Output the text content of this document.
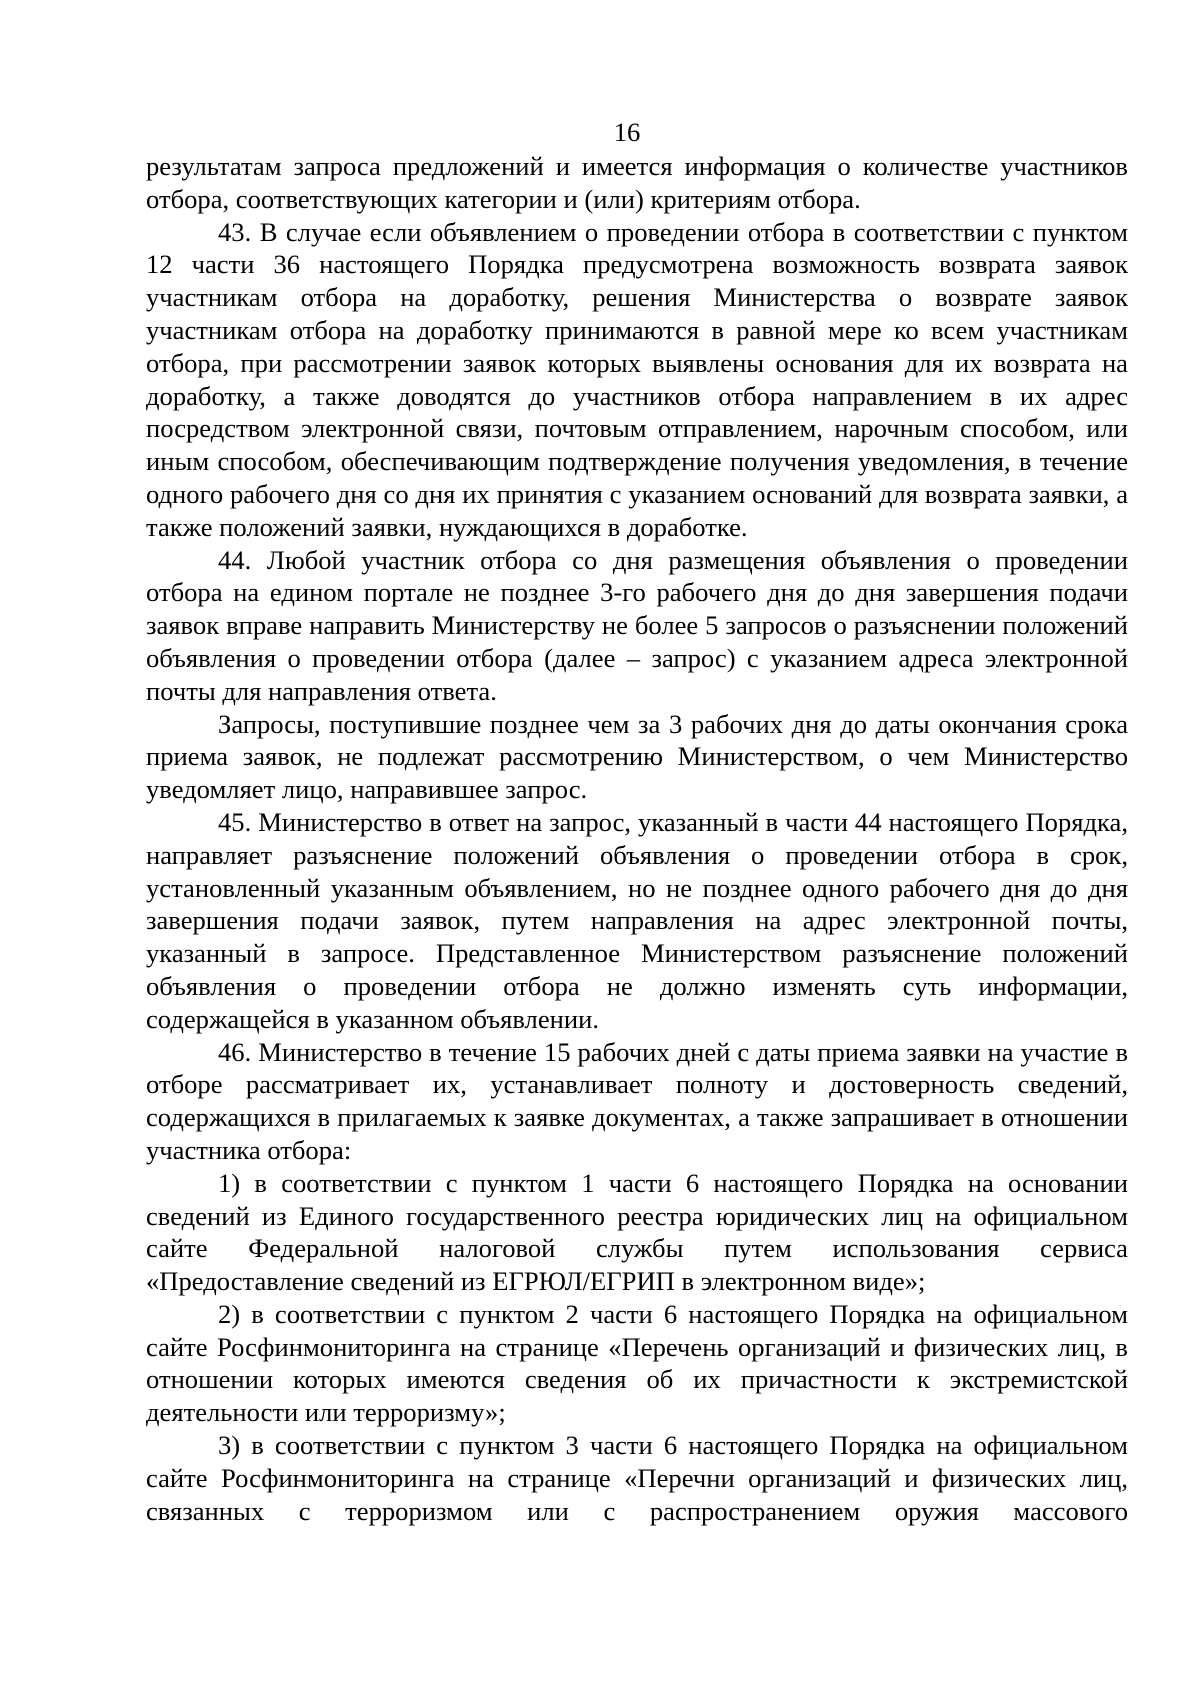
16

результатам запроса предложений и имеется информация о количестве участников отбора, соответствующих категории и (или) критериям отбора.

43. В случае если объявлением о проведении отбора в соответствии с пунктом 12 части 36 настоящего Порядка предусмотрена возможность возврата заявок участникам отбора на доработку, решения Министерства о возврате заявок участникам отбора на доработку принимаются в равной мере ко всем участникам отбора, при рассмотрении заявок которых выявлены основания для их возврата на доработку, а также доводятся до участников отбора направлением в их адрес посредством электронной связи, почтовым отправлением, нарочным способом, или иным способом, обеспечивающим подтверждение получения уведомления, в течение одного рабочего дня со дня их принятия с указанием оснований для возврата заявки, а также положений заявки, нуждающихся в доработке.

44. Любой участник отбора со дня размещения объявления о проведении отбора на едином портале не позднее 3-го рабочего дня до дня завершения подачи заявок вправе направить Министерству не более 5 запросов о разъяснении положений объявления о проведении отбора (далее – запрос) с указанием адреса электронной почты для направления ответа.

Запросы, поступившие позднее чем за 3 рабочих дня до даты окончания срока приема заявок, не подлежат рассмотрению Министерством, о чем Министерство уведомляет лицо, направившее запрос.

45. Министерство в ответ на запрос, указанный в части 44 настоящего Порядка, направляет разъяснение положений объявления о проведении отбора в срок, установленный указанным объявлением, но не позднее одного рабочего дня до дня завершения подачи заявок, путем направления на адрес электронной почты, указанный в запросе. Представленное Министерством разъяснение положений объявления о проведении отбора не должно изменять суть информации, содержащейся в указанном объявлении.

46. Министерство в течение 15 рабочих дней с даты приема заявки на участие в отборе рассматривает их, устанавливает полноту и достоверность сведений, содержащихся в прилагаемых к заявке документах, а также запрашивает в отношении участника отбора:

1) в соответствии с пунктом 1 части 6 настоящего Порядка на основании сведений из Единого государственного реестра юридических лиц на официальном сайте Федеральной налоговой службы путем использования сервиса «Предоставление сведений из ЕГРЮЛ/ЕГРИП в электронном виде»;

2) в соответствии с пунктом 2 части 6 настоящего Порядка на официальном сайте Росфинмониторинга на странице «Перечень организаций и физических лиц, в отношении которых имеются сведения об их причастности к экстремистской деятельности или терроризму»;

3) в соответствии с пунктом 3 части 6 настоящего Порядка на официальном сайте Росфинмониторинга на странице «Перечни организаций и физических лиц, связанных с терроризмом или с распространением оружия массового
